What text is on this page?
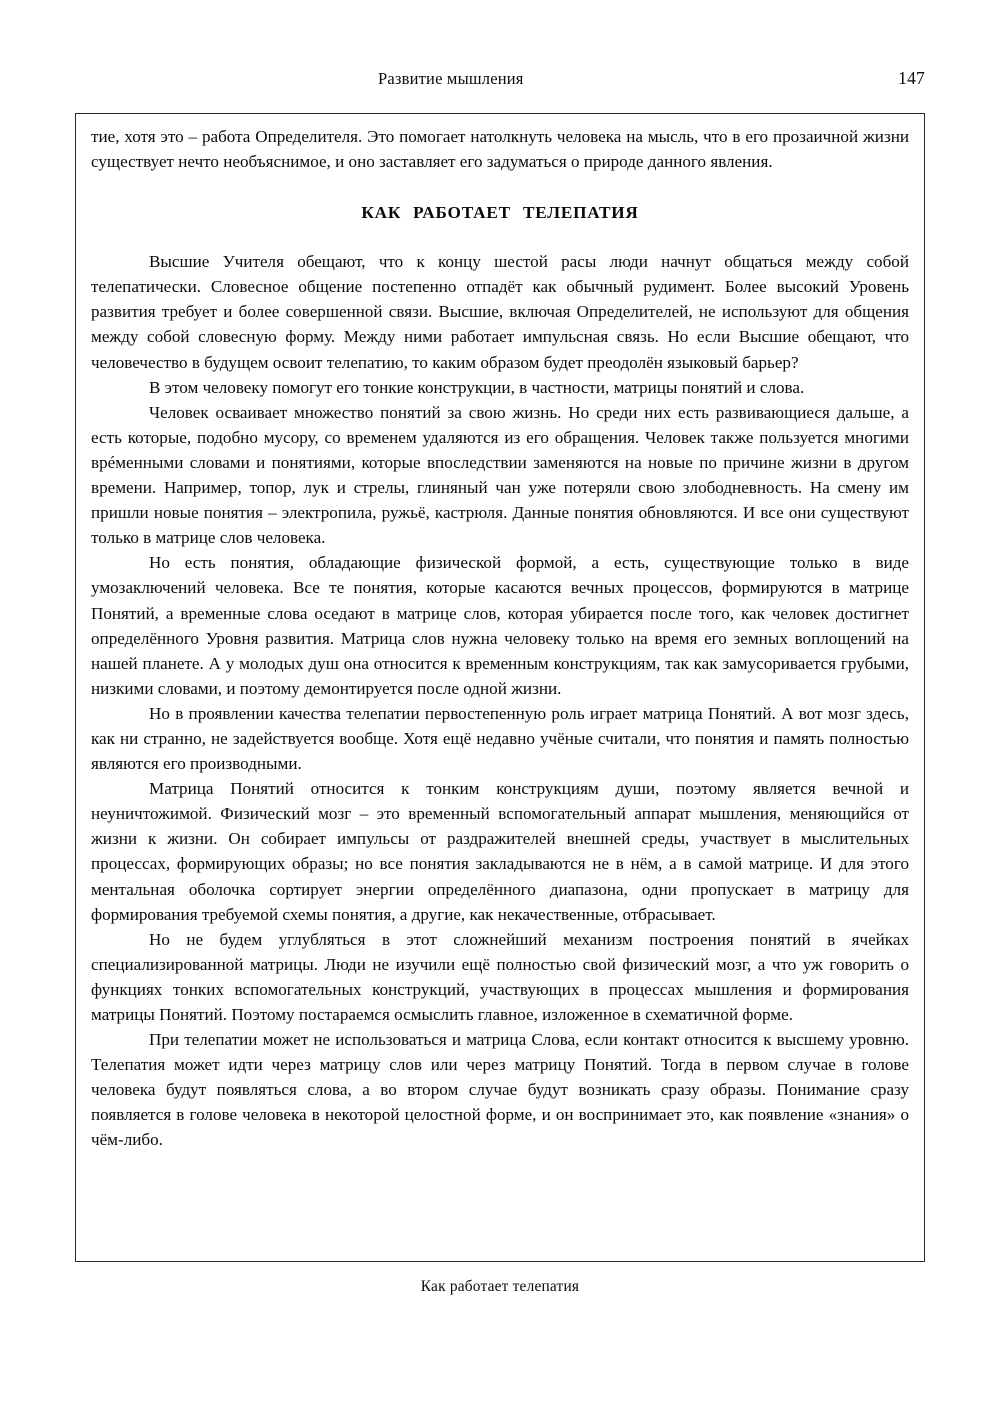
Развитие мышления	147

тие, хотя это – работа Определителя. Это помогает натолкнуть человека на мысль, что в его прозаичной жизни существует нечто необъяснимое, и оно заставляет его задуматься о природе данного явления.

КАК РАБОТАЕТ ТЕЛЕПАТИЯ

Высшие Учителя обещают, что к концу шестой расы люди начнут общаться между собой телепатически. Словесное общение постепенно отпадёт как обычный рудимент. Более высокий Уровень развития требует и более совершенной связи. Высшие, включая Определителей, не используют для общения между собой словесную форму. Между ними работает импульсная связь. Но если Высшие обещают, что человечество в будущем освоит телепатию, то каким образом будет преодолён языковый барьер?

В этом человеку помогут его тонкие конструкции, в частности, матрицы понятий и слова.

Человек осваивает множество понятий за свою жизнь. Но среди них есть развивающиеся дальше, а есть которые, подобно мусору, со временем удаляются из его обращения. Человек также пользуется многими врéменными словами и понятиями, которые впоследствии заменяются на новые по причине жизни в другом времени. Например, топор, лук и стрелы, глиняный чан уже потеряли свою злободневность. На смену им пришли новые понятия – электропила, ружьё, кастрюля. Данные понятия обновляются. И все они существуют только в матрице слов человека.

Но есть понятия, обладающие физической формой, а есть, существующие только в виде умозаключений человека. Все те понятия, которые касаются вечных процессов, формируются в матрице Понятий, а временные слова оседают в матрице слов, которая убирается после того, как человек достигнет определённого Уровня развития. Матрица слов нужна человеку только на время его земных воплощений на нашей планете. А у молодых душ она относится к временным конструкциям, так как замусоривается грубыми, низкими словами, и поэтому демонтируется после одной жизни.

Но в проявлении качества телепатии первостепенную роль играет матрица Понятий. А вот мозг здесь, как ни странно, не задействуется вообще. Хотя ещё недавно учёные считали, что понятия и память полностью являются его производными.

Матрица Понятий относится к тонким конструкциям души, поэтому является вечной и неуничтожимой. Физический мозг – это временный вспомогательный аппарат мышления, меняющийся от жизни к жизни. Он собирает импульсы от раздражителей внешней среды, участвует в мыслительных процессах, формирующих образы; но все понятия закладываются не в нём, а в самой матрице. И для этого ментальная оболочка сортирует энергии определённого диапазона, одни пропускает в матрицу для формирования требуемой схемы понятия, а другие, как некачественные, отбрасывает.

Но не будем углубляться в этот сложнейший механизм построения понятий в ячейках специализированной матрицы. Люди не изучили ещё полностью свой физический мозг, а что уж говорить о функциях тонких вспомогательных конструкций, участвующих в процессах мышления и формирования матрицы Понятий. Поэтому постараемся осмыслить главное, изложенное в схематичной форме.

При телепатии может не использоваться и матрица Слова, если контакт относится к высшему уровню. Телепатия может идти через матрицу слов или через матрицу Понятий. Тогда в первом случае в голове человека будут появляться слова, а во втором случае будут возникать сразу образы. Понимание сразу появляется в голове человека в некоторой целостной форме, и он воспринимает это, как появление «знания» о чём-либо.

Как работает телепатия
